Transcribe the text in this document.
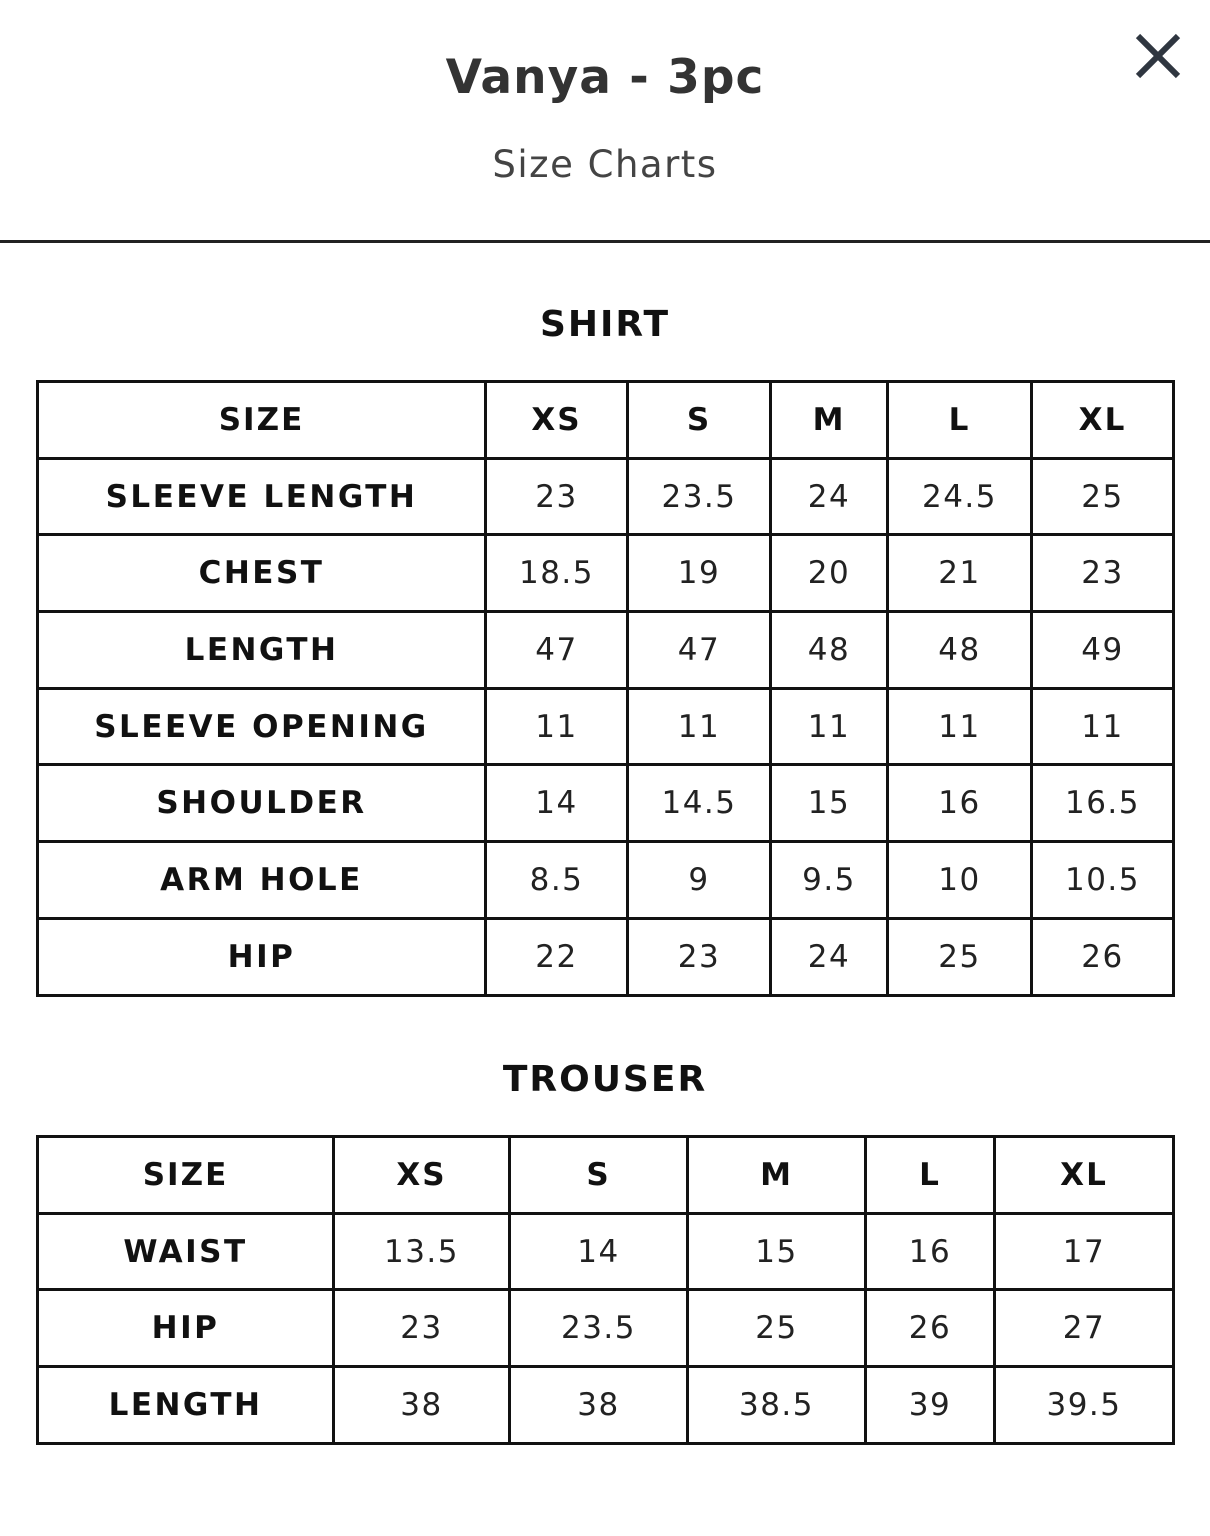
Vanya - 3pc
Size Charts
SHIRT
SIZE	XS	S	M	L	XL
SLEEVE LENGTH	23	23.5	24	24.5	25
CHEST	18.5	19	20	21	23
LENGTH	47	47	48	48	49
SLEEVE OPENING	11	11	11	11	11
SHOULDER	14	14.5	15	16	16.5
ARM HOLE	8.5	9	9.5	10	10.5
HIP	22	23	24	25	26
TROUSER
SIZE	XS	S	M	L	XL
WAIST	13.5	14	15	16	17
HIP	23	23.5	25	26	27
LENGTH	38	38	38.5	39	39.5
